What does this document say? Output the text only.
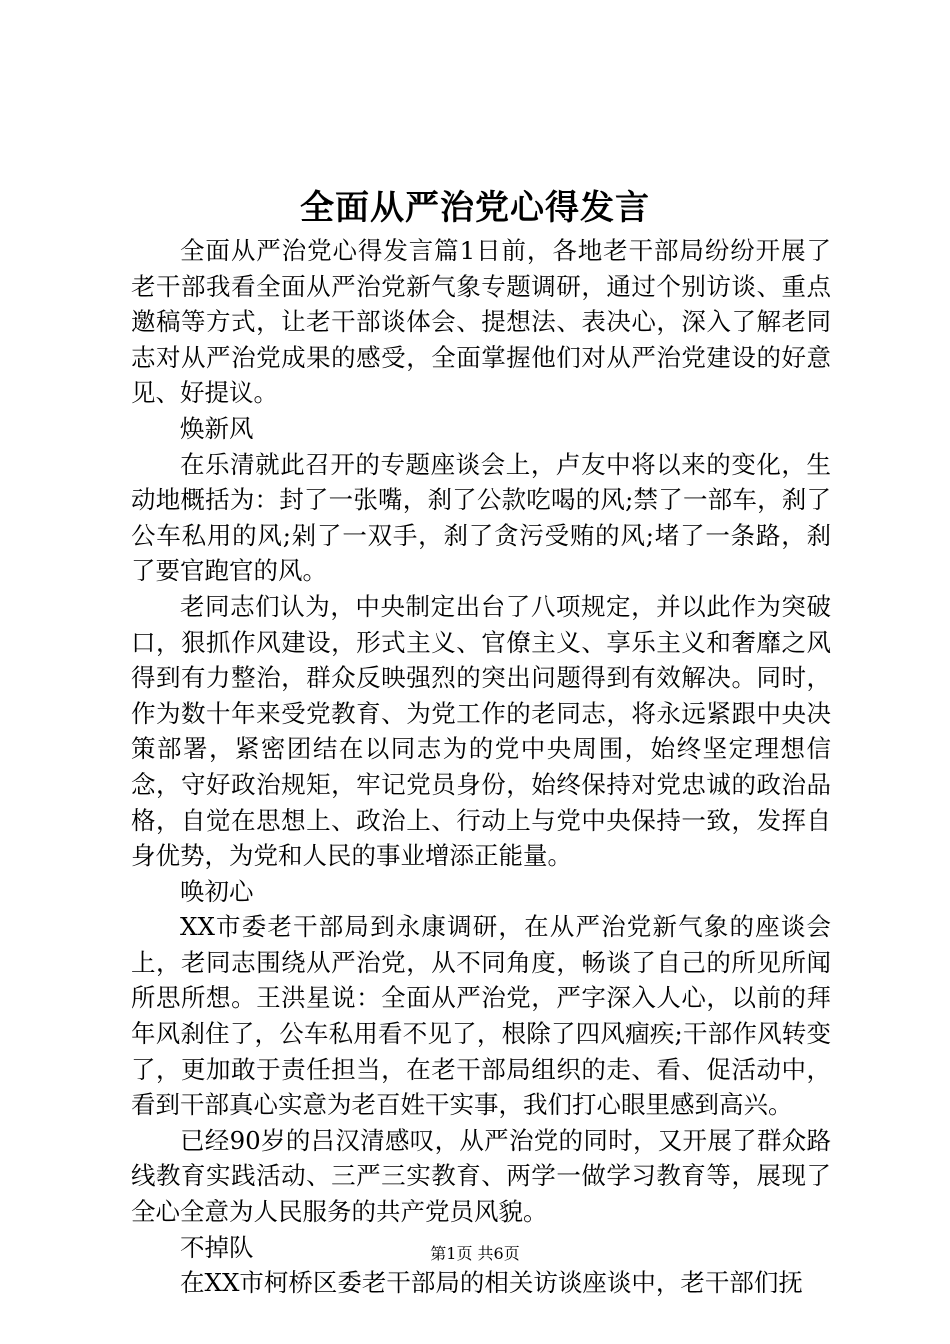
全面从严治党心得发言

全面从严治党心得发言篇1日前，各地老干部局纷纷开展了老干部我看全面从严治党新气象专题调研，通过个别访谈、重点邀稿等方式，让老干部谈体会、提想法、表决心，深入了解老同志对从严治党成果的感受，全面掌握他们对从严治党建设的好意见、好提议。

焕新风

在乐清就此召开的专题座谈会上，卢友中将以来的变化，生动地概括为：封了一张嘴，刹了公款吃喝的风;禁了一部车，刹了公车私用的风;剁了一双手，刹了贪污受贿的风;堵了一条路，刹了要官跑官的风。

老同志们认为，中央制定出台了八项规定，并以此作为突破口，狠抓作风建设，形式主义、官僚主义、享乐主义和奢靡之风得到有力整治，群众反映强烈的突出问题得到有效解决。同时，作为数十年来受党教育、为党工作的老同志，将永远紧跟中央决策部署，紧密团结在以同志为的党中央周围，始终坚定理想信念，守好政治规矩，牢记党员身份，始终保持对党忠诚的政治品格，自觉在思想上、政治上、行动上与党中央保持一致，发挥自身优势，为党和人民的事业增添正能量。

唤初心

XX市委老干部局到永康调研，在从严治党新气象的座谈会上，老同志围绕从严治党，从不同角度，畅谈了自己的所见所闻所思所想。王洪星说：全面从严治党，严字深入人心，以前的拜年风刹住了，公车私用看不见了，根除了四风痼疾;干部作风转变了，更加敢于责任担当，在老干部局组织的走、看、促活动中，看到干部真心实意为老百姓干实事，我们打心眼里感到高兴。

已经90岁的吕汉清感叹，从严治党的同时，又开展了群众路线教育实践活动、三严三实教育、两学一做学习教育等，展现了全心全意为人民服务的共产党员风貌。

不掉队

在XX市柯桥区委老干部局的相关访谈座谈中，老干部们抚

第1页 共6页
